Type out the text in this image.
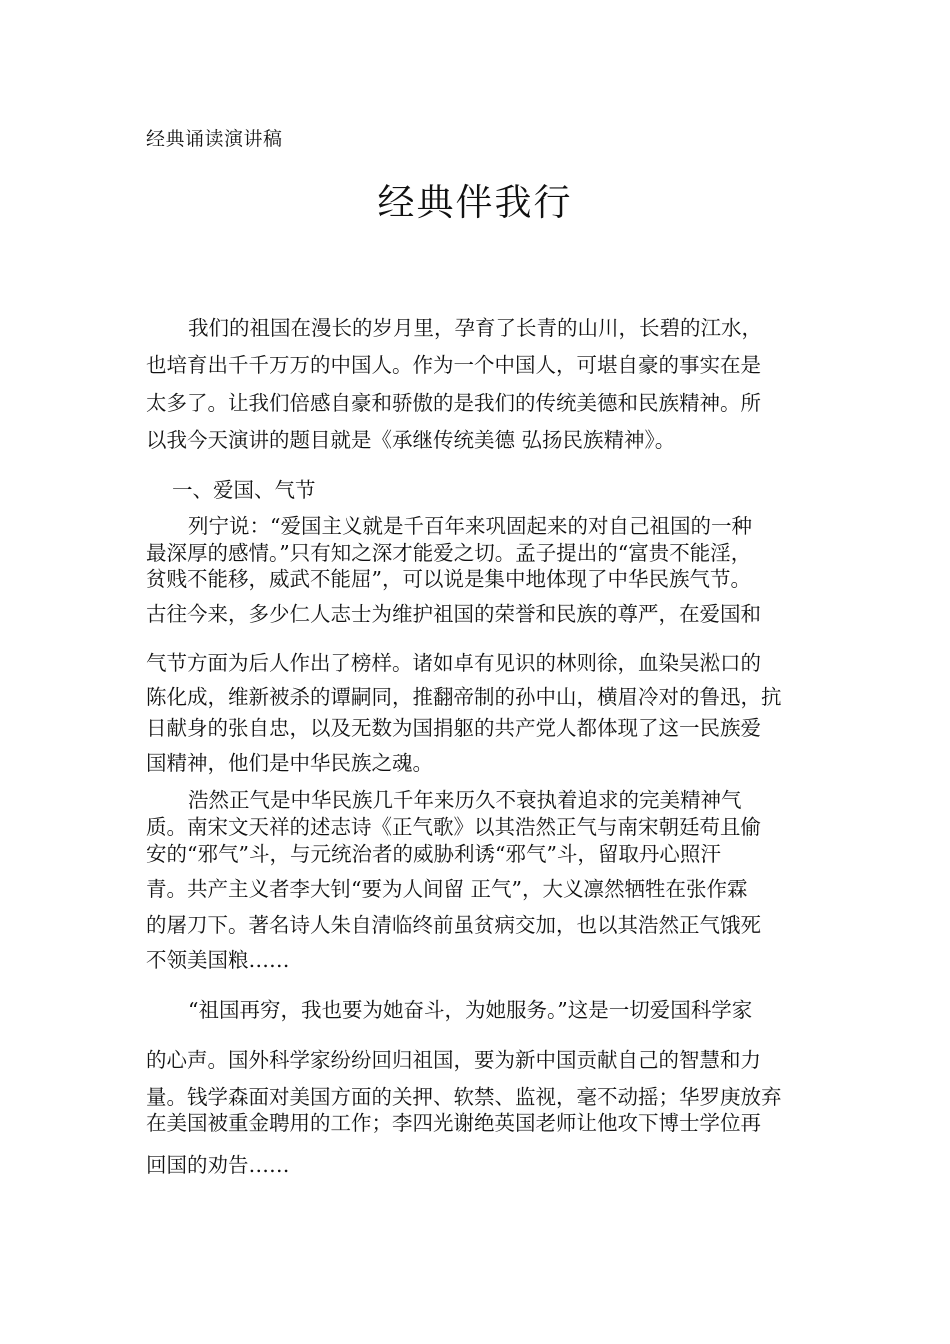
经典诵读演讲稿
经典伴我行
我们的祖国在漫长的岁月里，孕育了长青的山川，长碧的江水，
也培育出千千万万的中国人。作为一个中国人，可堪自豪的事实在是
太多了。让我们倍感自豪和骄傲的是我们的传统美德和民族精神。所
以我今天演讲的题目就是《承继传统美德 弘扬民族精神》。
一、爱国、气节
列宁说：“爱国主义就是千百年来巩固起来的对自己祖国的一种
最深厚的感情。”只有知之深才能爱之切。孟子提出的“富贵不能淫，
贫贱不能移，威武不能屈”，可以说是集中地体现了中华民族气节。
古往今来，多少仁人志士为维护祖国的荣誉和民族的尊严，在爱国和
气节方面为后人作出了榜样。诸如卓有见识的林则徐，血染吴淞口的
陈化成，维新被杀的谭嗣同，推翻帝制的孙中山，横眉冷对的鲁迅，抗
日献身的张自忠，以及无数为国捐躯的共产党人都体现了这一民族爱
国精神，他们是中华民族之魂。
浩然正气是中华民族几千年来历久不衰执着追求的完美精神气
质。南宋文天祥的述志诗《正气歌》以其浩然正气与南宋朝廷苟且偷
安的“邪气”斗，与元统治者的威胁利诱“邪气”斗，留取丹心照汗
青。共产主义者李大钊“要为人间留 正气”，大义凛然牺牲在张作霖
的屠刀下。著名诗人朱自清临终前虽贫病交加，也以其浩然正气饿死
不领美国粮……
“祖国再穷，我也要为她奋斗，为她服务。”这是一切爱国科学家
的心声。国外科学家纷纷回归祖国，要为新中国贡献自己的智慧和力
量。钱学森面对美国方面的关押、软禁、监视，毫不动摇；华罗庚放弃
在美国被重金聘用的工作；李四光谢绝英国老师让他攻下博士学位再
回国的劝告……
